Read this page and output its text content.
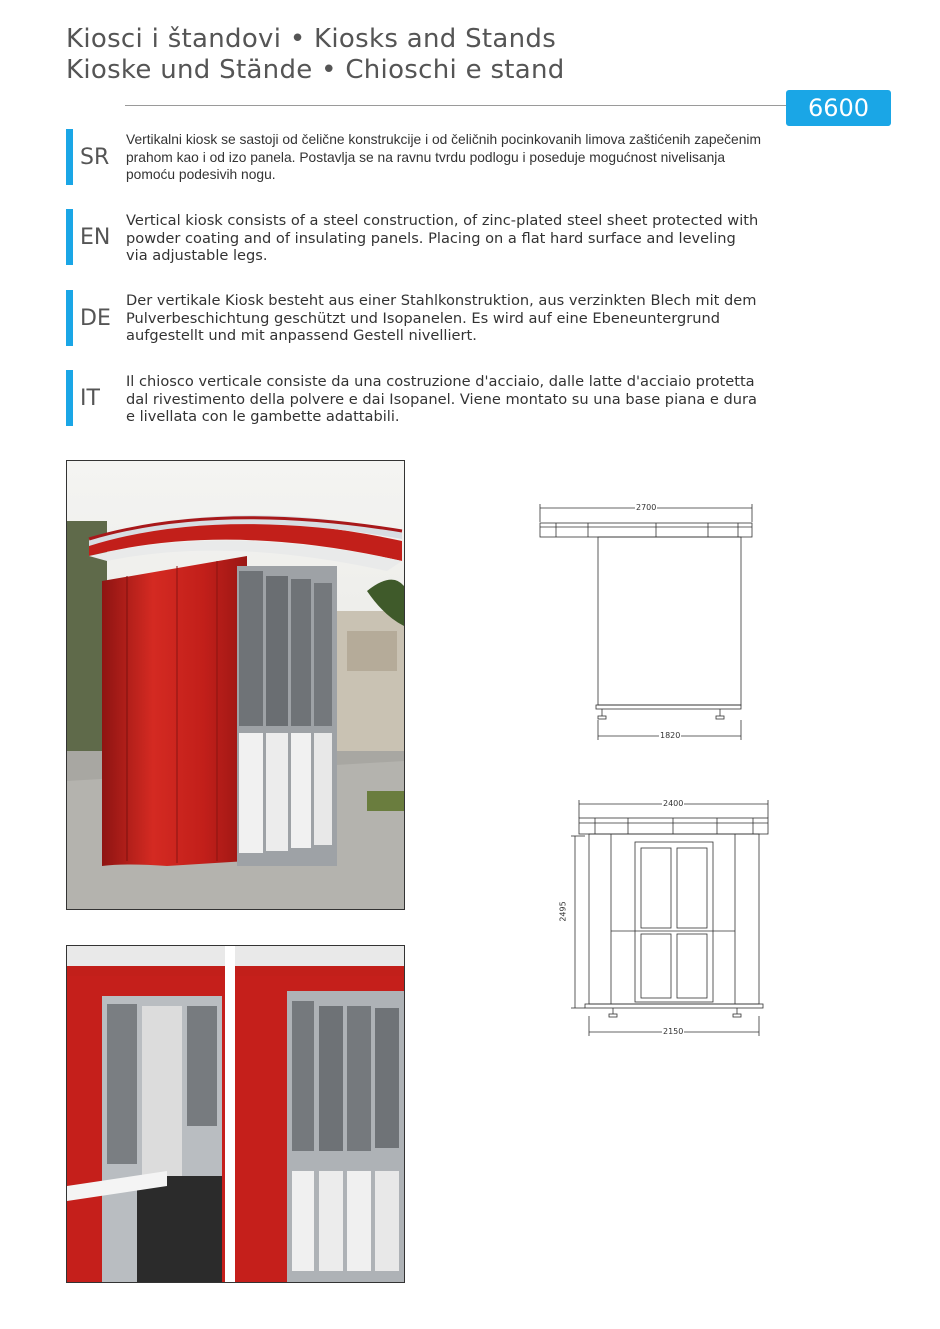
Kiosci i štandovi • Kiosks and Stands
Kioske und Stände • Chioschi e stand
6600
SR
Vertikalni kiosk se sastoji od čelične konstrukcije i od čeličnih pocinkovanih limova zaštićenih zapečenim prahom kao i od izo panela. Postavlja se na ravnu tvrdu podlogu i poseduje mogućnost nivelisanja pomoću podesivih nogu.
EN
Vertical kiosk consists of a steel construction, of zinc-plated steel sheet protected with powder coating and of insulating panels. Placing on a flat hard surface and leveling via adjustable legs.
DE
Der vertikale Kiosk besteht aus einer Stahlkonstruktion, aus verzinkten Blech mit dem Pulverbeschichtung geschützt und Isopanelen. Es wird auf eine Ebeneuntergrund aufgestellt und mit anpassend Gestell nivelliert.
IT
Il chiosco verticale consiste da una costruzione d'acciaio, dalle latte d'acciaio protetta dal rivestimento della polvere e dai Isopanel. Viene montato su una base piana e dura e livellata con le gambette adattabili.
2700
1820
2400
2495
2150
